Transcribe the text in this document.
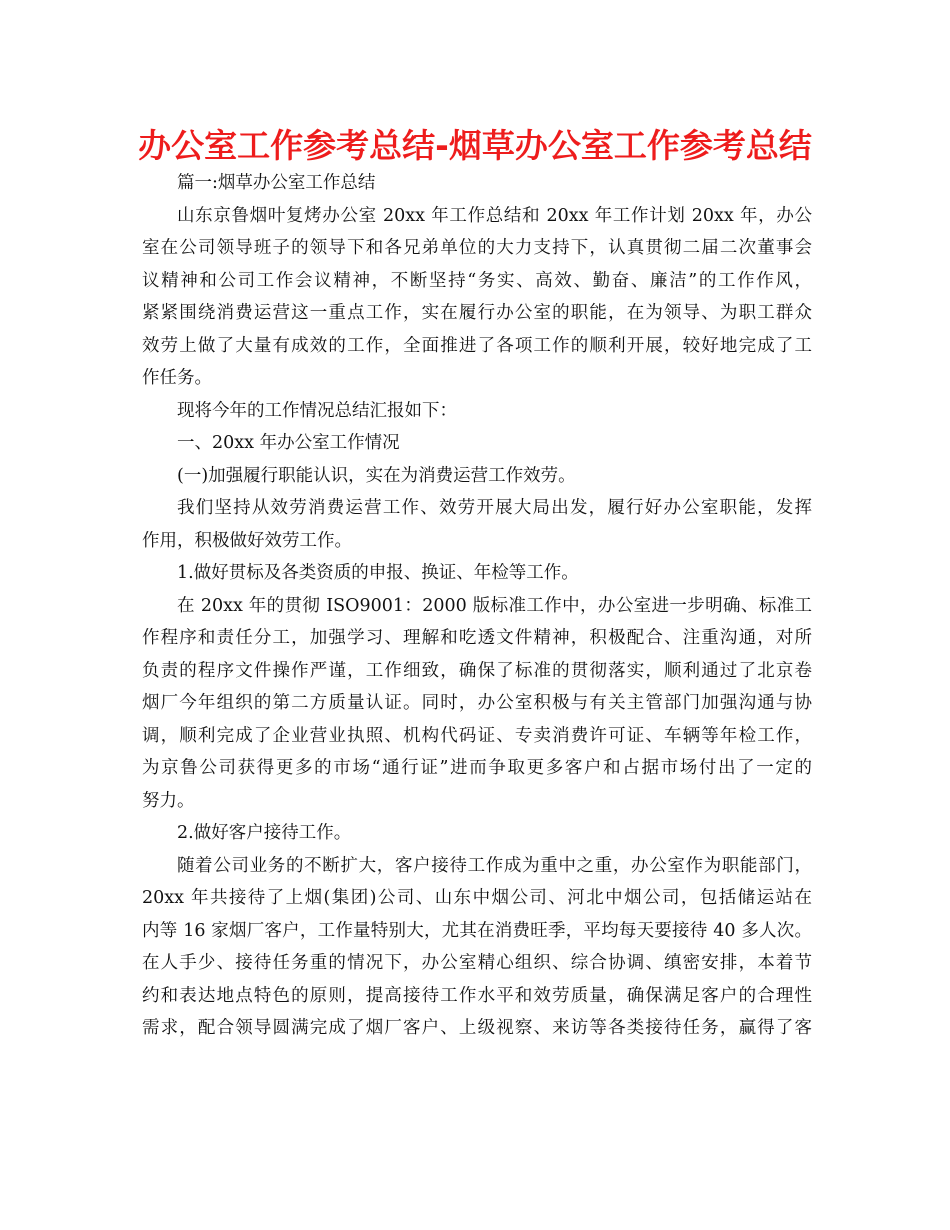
办公室工作参考总结-烟草办公室工作参考总结
篇一:烟草办公室工作总结
山东京鲁烟叶复烤办公室 20xx 年工作总结和 20xx 年工作计划 20xx 年，办公
室在公司领导班子的领导下和各兄弟单位的大力支持下，认真贯彻二届二次董事会
议精神和公司工作会议精神，不断坚持“务实、高效、勤奋、廉洁”的工作作风，
紧紧围绕消费运营这一重点工作，实在履行办公室的职能，在为领导、为职工群众
效劳上做了大量有成效的工作，全面推进了各项工作的顺利开展，较好地完成了工
作任务。
现将今年的工作情况总结汇报如下：
一、20xx 年办公室工作情况
(一)加强履行职能认识，实在为消费运营工作效劳。
我们坚持从效劳消费运营工作、效劳开展大局出发，履行好办公室职能，发挥
作用，积极做好效劳工作。
1.做好贯标及各类资质的申报、换证、年检等工作。
在 20xx 年的贯彻 ISO9001：2000 版标准工作中，办公室进一步明确、标准工
作程序和责任分工，加强学习、理解和吃透文件精神，积极配合、注重沟通，对所
负责的程序文件操作严谨，工作细致，确保了标准的贯彻落实，顺利通过了北京卷
烟厂今年组织的第二方质量认证。同时，办公室积极与有关主管部门加强沟通与协
调，顺利完成了企业营业执照、机构代码证、专卖消费许可证、车辆等年检工作，
为京鲁公司获得更多的市场“通行证”进而争取更多客户和占据市场付出了一定的
努力。
2.做好客户接待工作。
随着公司业务的不断扩大，客户接待工作成为重中之重，办公室作为职能部门，
20xx 年共接待了上烟(集团)公司、山东中烟公司、河北中烟公司，包括储运站在
内等 16 家烟厂客户，工作量特别大，尤其在消费旺季，平均每天要接待 40 多人次。
在人手少、接待任务重的情况下，办公室精心组织、综合协调、缜密安排，本着节
约和表达地点特色的原则，提高接待工作水平和效劳质量，确保满足客户的合理性
需求，配合领导圆满完成了烟厂客户、上级视察、来访等各类接待任务，赢得了客
